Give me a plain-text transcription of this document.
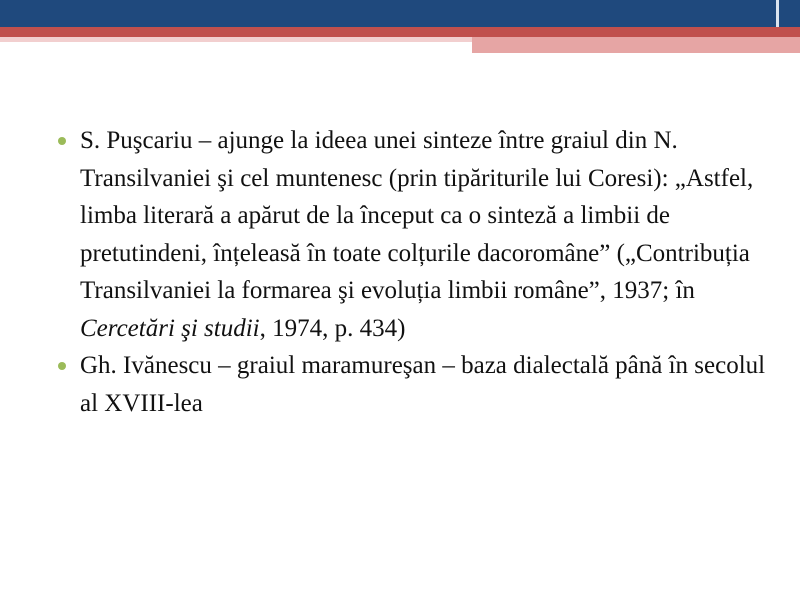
S. Puşcariu – ajunge la ideea unei sinteze între graiul din N. Transilvaniei şi cel muntenesc (prin tipăriturile lui Coresi): „Astfel, limba literară a apărut de la început ca o sinteză a limbii de pretutindeni, înțeleasă în toate colțurile dacoromâne” („Contribuția Transilvaniei la formarea şi evoluția limbii române”, 1937; în Cercetări şi studii, 1974, p. 434)
Gh. Ivănescu – graiul maramureşan – baza dialectală până în secolul al XVIII-lea
